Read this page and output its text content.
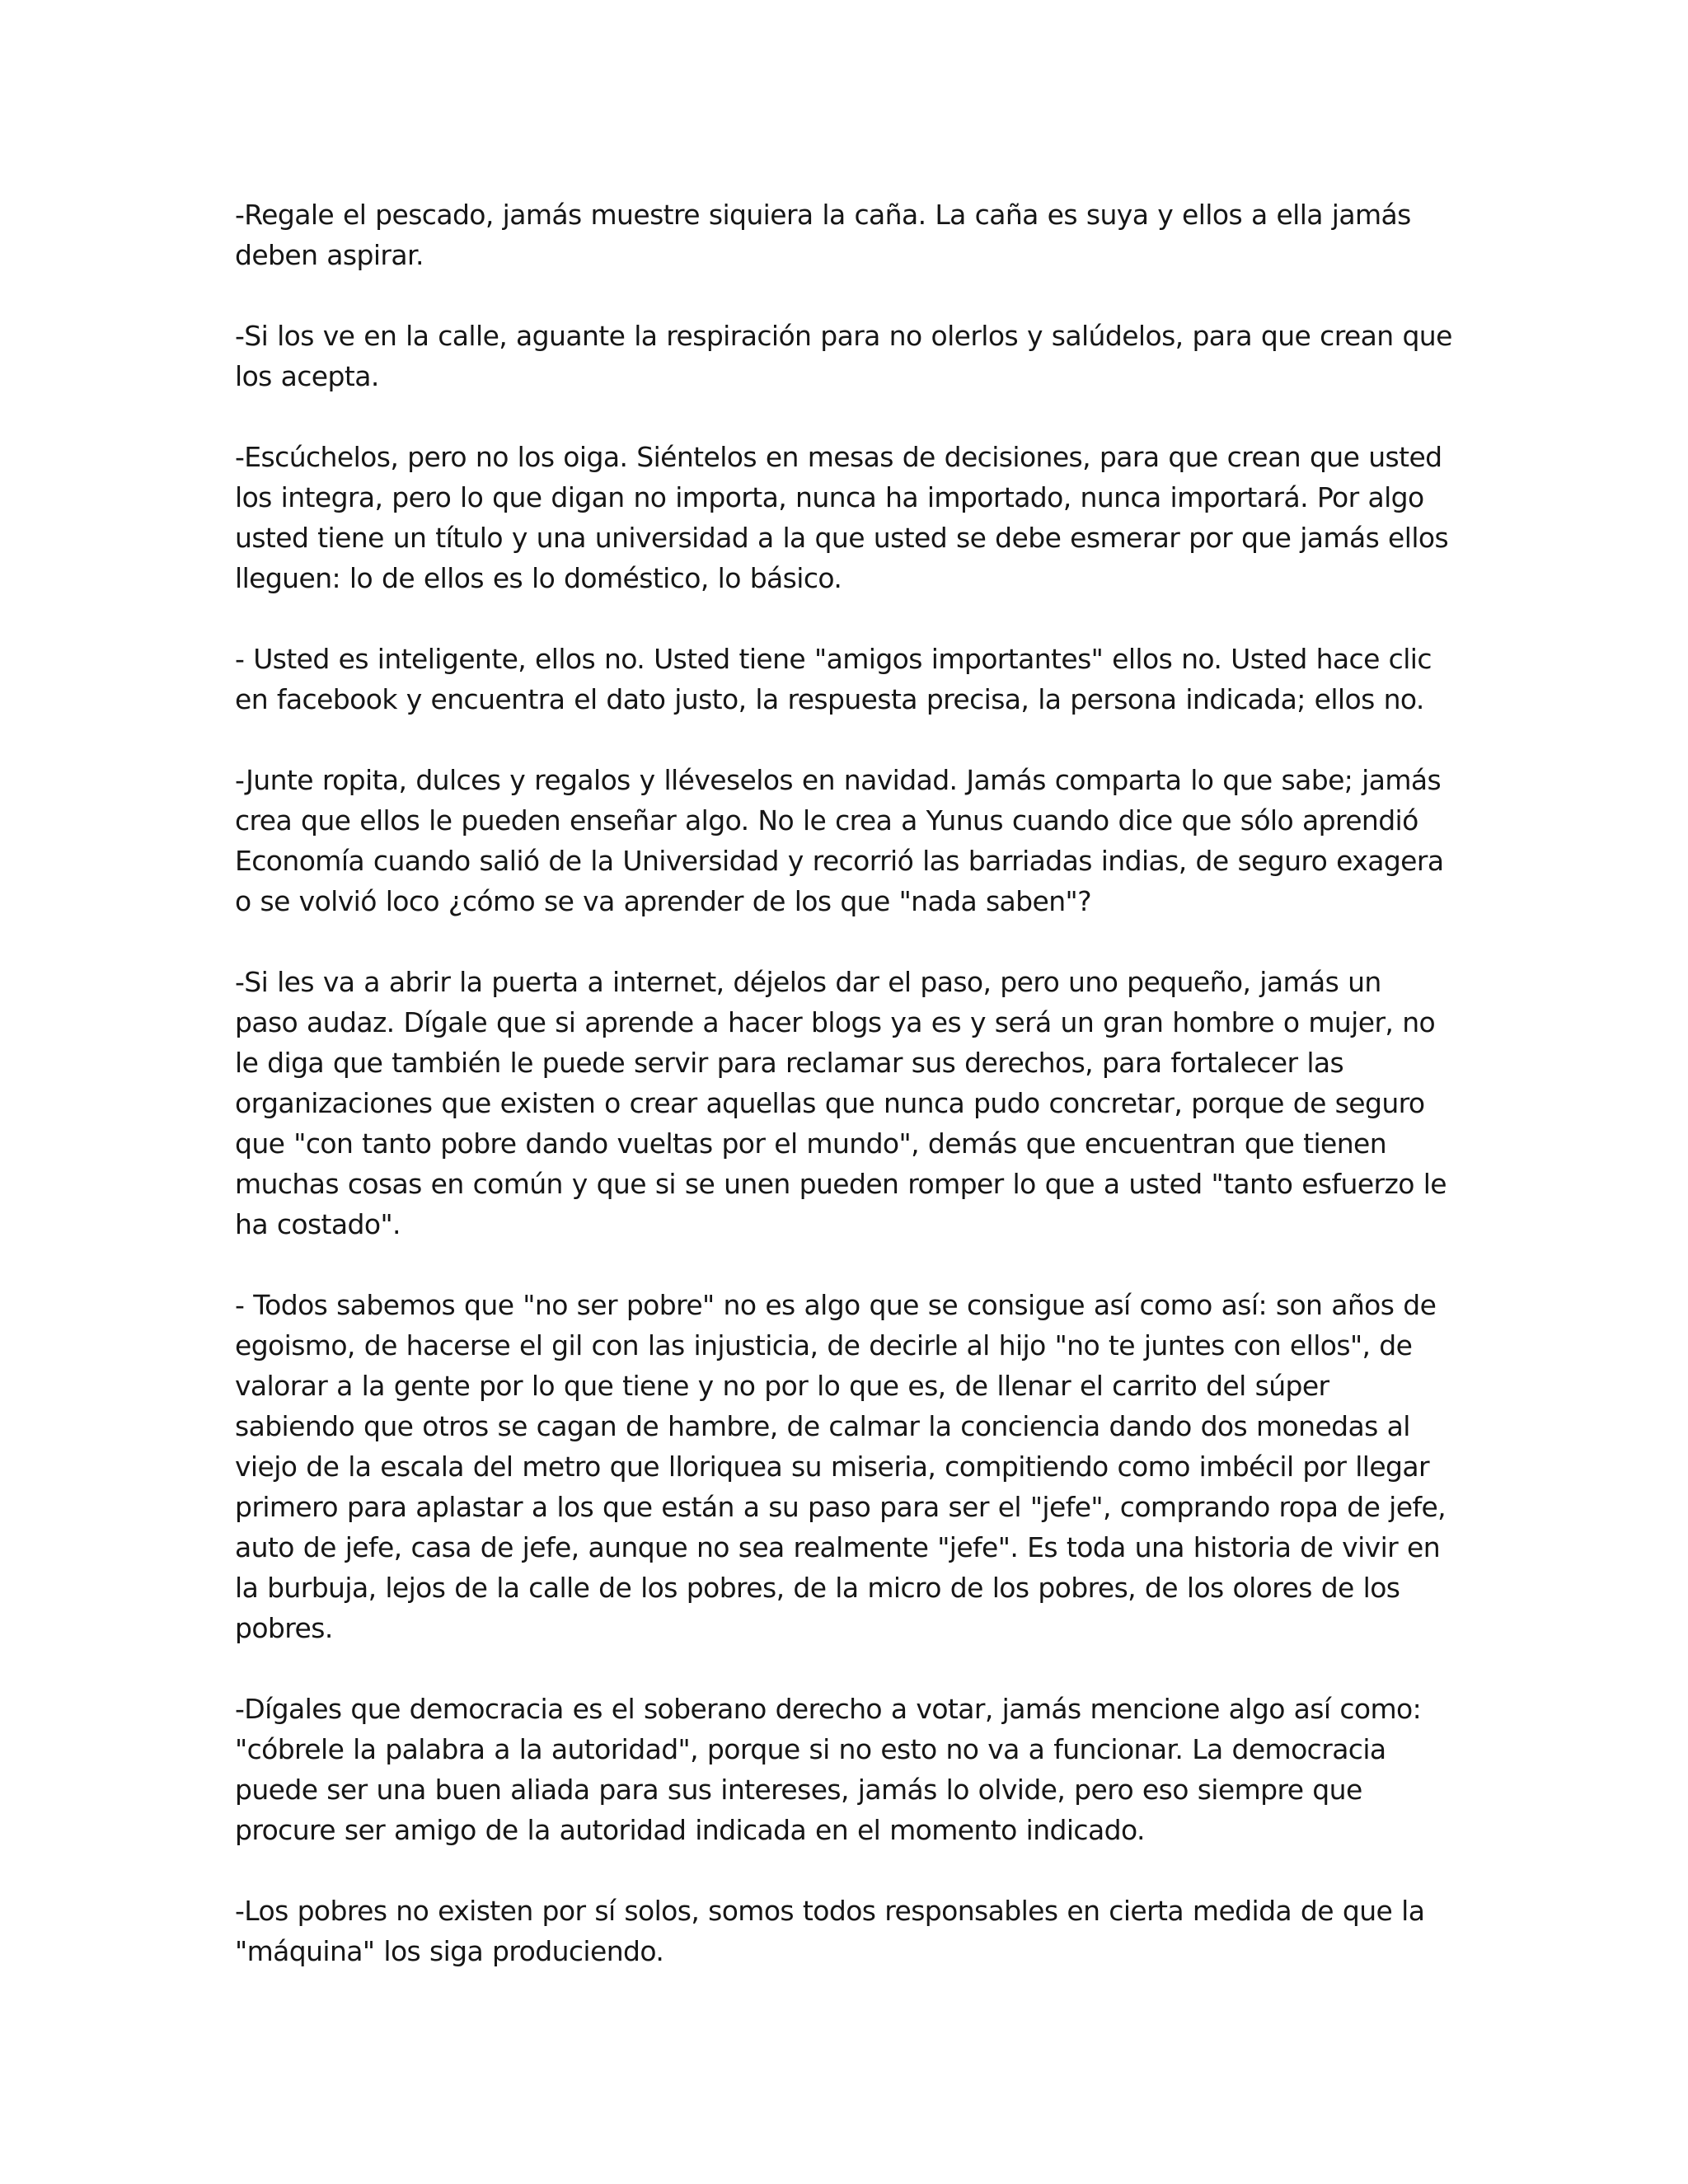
-Regale el pescado, jamás muestre siquiera la caña. La caña es suya y ellos a ella jamás
deben aspirar.

-Si los ve en la calle, aguante la respiración para no olerlos y salúdelos, para que crean que
los acepta.

-Escúchelos, pero no los oiga. Siéntelos en mesas de decisiones, para que crean que usted
los integra, pero lo que digan no importa, nunca ha importado, nunca importará. Por algo
usted tiene un título y una universidad a la que usted se debe esmerar por que jamás ellos
lleguen: lo de ellos es lo doméstico, lo básico.

- Usted es inteligente, ellos no. Usted tiene "amigos importantes" ellos no. Usted hace clic
en facebook y encuentra el dato justo, la respuesta precisa, la persona indicada; ellos no.

-Junte ropita, dulces y regalos y lléveselos en navidad. Jamás comparta lo que sabe; jamás
crea que ellos le pueden enseñar algo. No le crea a Yunus cuando dice que sólo aprendió
Economía cuando salió de la Universidad y recorrió las barriadas indias, de seguro exagera
o se volvió loco ¿cómo se va aprender de los que "nada saben"?

-Si les va a abrir la puerta a internet, déjelos dar el paso, pero uno pequeño, jamás un
paso audaz. Dígale que si aprende a hacer blogs ya es y será un gran hombre o mujer, no
le diga que también le puede servir para reclamar sus derechos, para fortalecer las
organizaciones que existen o crear aquellas que nunca pudo concretar, porque de seguro
que "con tanto pobre dando vueltas por el mundo", demás que encuentran que tienen
muchas cosas en común y que si se unen pueden romper lo que a usted "tanto esfuerzo le
ha costado".

- Todos sabemos que "no ser pobre" no es algo que se consigue así como así: son años de
egoismo, de hacerse el gil con las injusticia, de decirle al hijo "no te juntes con ellos", de
valorar a la gente por lo que tiene y no por lo que es, de llenar el carrito del súper
sabiendo que otros se cagan de hambre, de calmar la conciencia dando dos monedas al
viejo de la escala del metro que lloriquea su miseria, compitiendo como imbécil por llegar
primero para aplastar a los que están a su paso para ser el "jefe", comprando ropa de jefe,
auto de jefe, casa de jefe, aunque no sea realmente "jefe". Es toda una historia de vivir en
la burbuja, lejos de la calle de los pobres, de la micro de los pobres, de los olores de los
pobres.

-Dígales que democracia es el soberano derecho a votar, jamás mencione algo así como:
"cóbrele la palabra a la autoridad", porque si no esto no va a funcionar. La democracia
puede ser una buen aliada para sus intereses, jamás lo olvide, pero eso siempre que
procure ser amigo de la autoridad indicada en el momento indicado.

-Los pobres no existen por sí solos, somos todos responsables en cierta medida de que la
"máquina" los siga produciendo.
